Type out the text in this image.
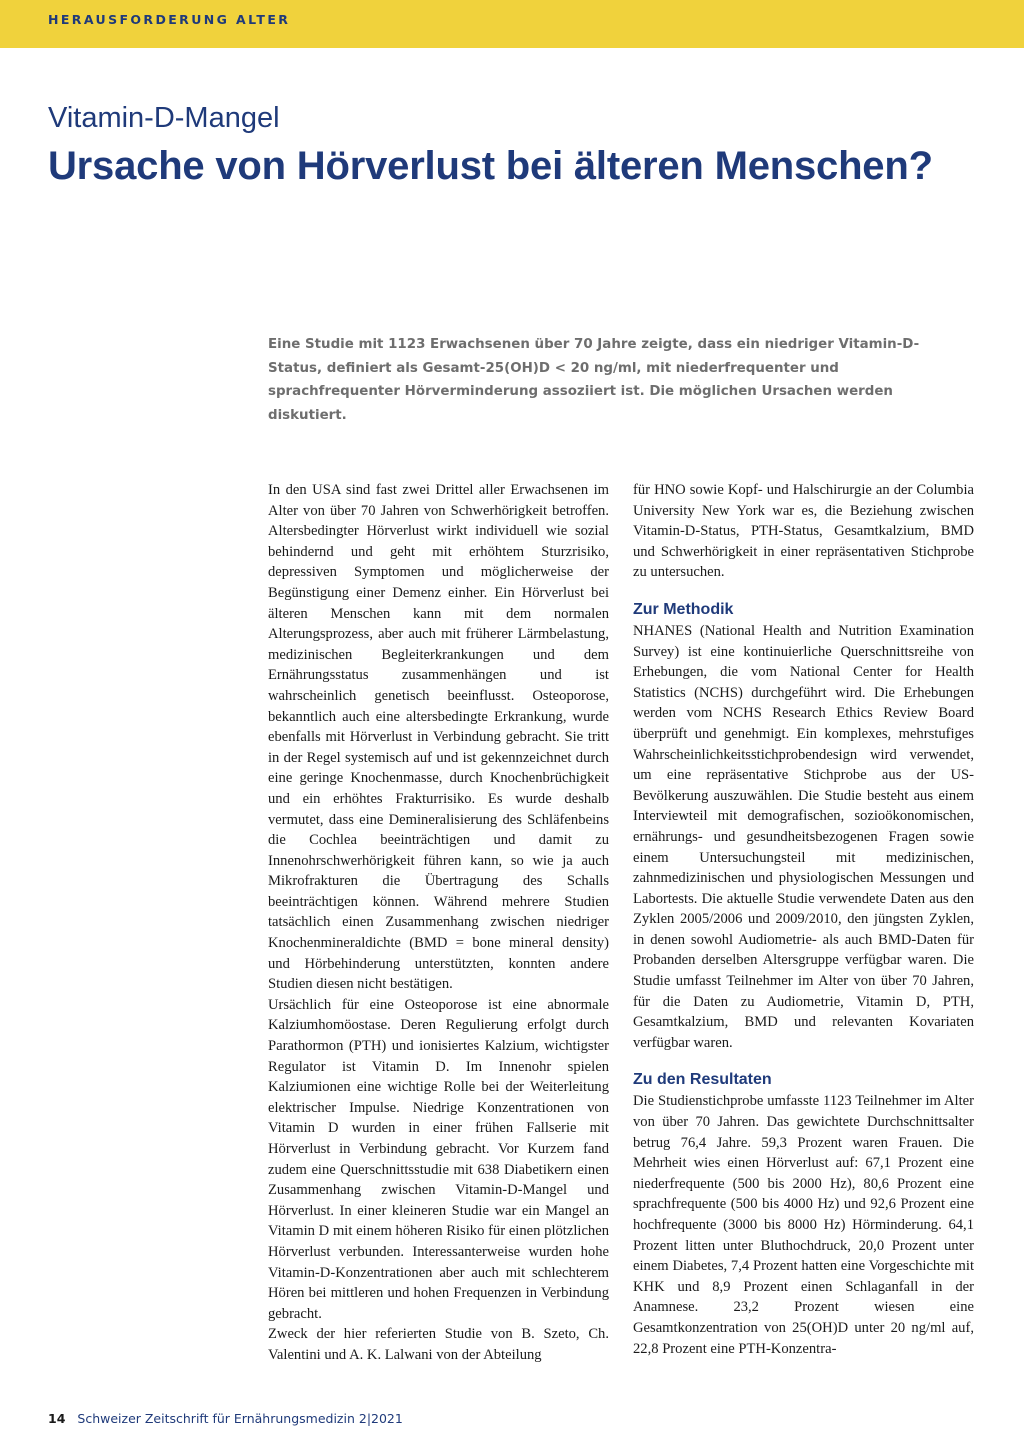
HERAUSFORDERUNG ALTER
Vitamin-D-Mangel
Ursache von Hörverlust bei älteren Menschen?

Eine Studie mit 1123 Erwachsenen über 70 Jahre zeigte, dass ein niedriger Vitamin-D-Status, definiert als Gesamt-25(OH)D < 20 ng/ml, mit niederfrequenter und sprachfrequenter Hörverminderung assoziiert ist. Die möglichen Ursachen werden diskutiert.

In den USA sind fast zwei Drittel aller Erwachsenen im Alter von über 70 Jahren von Schwerhörigkeit betroffen. Altersbedingter Hörverlust wirkt individuell wie sozial behindernd und geht mit erhöhtem Sturzrisiko, depressiven Symptomen und möglicherweise der Begünstigung einer Demenz einher. Ein Hörverlust bei älteren Menschen kann mit dem normalen Alterungsprozess, aber auch mit früherer Lärmbelastung, medizinischen Begleiterkrankungen und dem Ernährungsstatus zusammenhängen und ist wahrscheinlich genetisch beeinflusst. Osteoporose, bekanntlich auch eine altersbedingte Erkrankung, wurde ebenfalls mit Hörverlust in Verbindung gebracht. Sie tritt in der Regel systemisch auf und ist gekennzeichnet durch eine geringe Knochenmasse, durch Knochenbrüchigkeit und ein erhöhtes Frakturrisiko. Es wurde deshalb vermutet, dass eine Demineralisierung des Schläfenbeins die Cochlea beeinträchtigen und damit zu Innenohrschwerhörigkeit führen kann, so wie ja auch Mikrofrakturen die Übertragung des Schalls beeinträchtigen können. Während mehrere Studien tatsächlich einen Zusammenhang zwischen niedriger Knochenmineraldichte (BMD = bone mineral density) und Hörbehinderung unterstützten, konnten andere Studien diesen nicht bestätigen.

Ursächlich für eine Osteoporose ist eine abnormale Kalziumhomöostase. Deren Regulierung erfolgt durch Parathormon (PTH) und ionisiertes Kalzium, wichtigster Regulator ist Vitamin D. Im Innenohr spielen Kalziumionen eine wichtige Rolle bei der Weiterleitung elektrischer Impulse. Niedrige Konzentrationen von Vitamin D wurden in einer frühen Fallserie mit Hörverlust in Verbindung gebracht. Vor Kurzem fand zudem eine Querschnittsstudie mit 638 Diabetikern einen Zusammenhang zwischen Vitamin-D-Mangel und Hörverlust. In einer kleineren Studie war ein Mangel an Vitamin D mit einem höheren Risiko für einen plötzlichen Hörverlust verbunden. Interessanterweise wurden hohe Vitamin-D-Konzentrationen aber auch mit schlechterem Hören bei mittleren und hohen Frequenzen in Verbindung gebracht.

Zweck der hier referierten Studie von B. Szeto, Ch. Valentini und A. K. Lalwani von der Abteilung

für HNO sowie Kopf- und Halschirurgie an der Columbia University New York war es, die Beziehung zwischen Vitamin-D-Status, PTH-Status, Gesamtkalzium, BMD und Schwerhörigkeit in einer repräsentativen Stichprobe zu untersuchen.

Zur Methodik

NHANES (National Health and Nutrition Examination Survey) ist eine kontinuierliche Querschnittsreihe von Erhebungen, die vom National Center for Health Statistics (NCHS) durchgeführt wird. Die Erhebungen werden vom NCHS Research Ethics Review Board überprüft und genehmigt. Ein komplexes, mehrstufiges Wahrscheinlichkeitsstichprobendesign wird verwendet, um eine repräsentative Stichprobe aus der US-Bevölkerung auszuwählen. Die Studie besteht aus einem Interviewteil mit demografischen, sozioökonomischen, ernährungs- und gesundheitsbezogenen Fragen sowie einem Untersuchungsteil mit medizinischen, zahnmedizinischen und physiologischen Messungen und Labortests. Die aktuelle Studie verwendete Daten aus den Zyklen 2005/2006 und 2009/2010, den jüngsten Zyklen, in denen sowohl Audiometrie- als auch BMD-Daten für Probanden derselben Altersgruppe verfügbar waren. Die Studie umfasst Teilnehmer im Alter von über 70 Jahren, für die Daten zu Audiometrie, Vitamin D, PTH, Gesamtkalzium, BMD und relevanten Kovariaten verfügbar waren.

Zu den Resultaten

Die Studienstichprobe umfasste 1123 Teilnehmer im Alter von über 70 Jahren. Das gewichtete Durchschnittsalter betrug 76,4 Jahre. 59,3 Prozent waren Frauen. Die Mehrheit wies einen Hörverlust auf: 67,1 Prozent eine niederfrequente (500 bis 2000 Hz), 80,6 Prozent eine sprachfrequente (500 bis 4000 Hz) und 92,6 Prozent eine hochfrequente (3000 bis 8000 Hz) Hörminderung. 64,1 Prozent litten unter Bluthochdruck, 20,0 Prozent unter einem Diabetes, 7,4 Prozent hatten eine Vorgeschichte mit KHK und 8,9 Prozent einen Schlaganfall in der Anamnese. 23,2 Prozent wiesen eine Gesamtkonzentration von 25(OH)D unter 20 ng/ml auf, 22,8 Prozent eine PTH-Konzentra-

14 Schweizer Zeitschrift für Ernährungsmedizin 2|2021
